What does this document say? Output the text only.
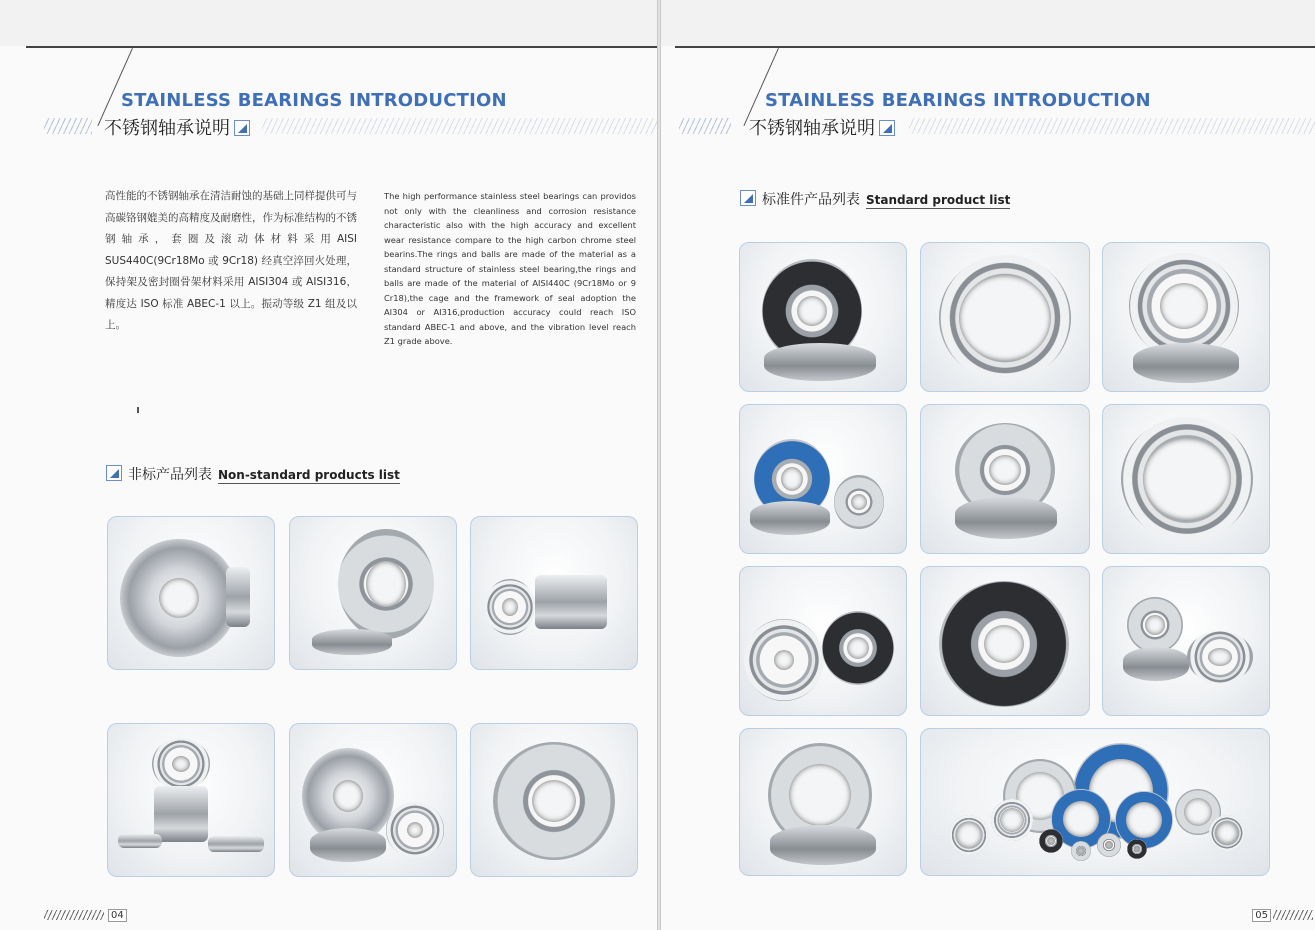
STAINLESS BEARINGS INTRODUCTION
不锈钢轴承说明
高性能的不锈钢轴承在清洁耐蚀的基础上同样提供可与高碳铬钢媲美的高精度及耐磨性，作为标准结构的不锈钢轴承，套圈及滚动体材料采用AISI SUS440C(9Cr18Mo 或 9Cr18) 经真空淬回火处理，保持架及密封圈骨架材料采用 AISI304 或 AISI316，精度达 ISO 标准 ABEC-1 以上。振动等级 Z1 组及以上。
The high performance stainless steel bearings can providos not only with the cleanliness and corrosion resistance characteristic also with the high accuracy and excellent wear resistance compare to the high carbon chrome steel bearins.The rings and balls are made of the material as a standard structure of stainless steel bearing,the rings and balls are made of the material of AISI440C (9Cr18Mo or 9 Cr18),the cage and the framework of seal adoption the AI304 or AI316,production accuracy could reach ISO standard ABEC-1 and above, and the vibration level reach Z1 grade above.
非标产品列表 Non-standard products list
04
STAINLESS BEARINGS INTRODUCTION
不锈钢轴承说明
标准件产品列表 Standard product list
05
